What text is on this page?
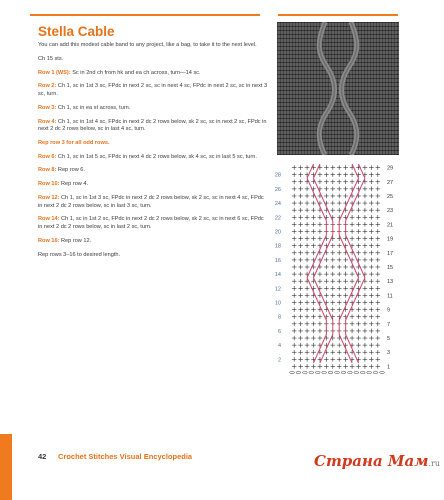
Stella Cable

You can add this modest cable band to any project, like a bag, to take it to the next level.

Ch 15 sts.

Row 1 (WS): Sc in 2nd ch from hk and ea ch across, turn—14 sc.

Row 2: Ch 1, sc in 1st 3 sc, FPdc in next 2 sc, sc in next 4 sc, FPdc in next 2 sc, sc in next 3 sc, turn.

Row 3: Ch 1, sc in ea st across, turn.

Row 4: Ch 1, sc in 1st 4 sc, FPdc in next 2 dc 2 rows below, sk 2 sc, sc in next 2 sc, FPdc in next 2 dc 2 rows below, sc in last 4 sc, turn.

Rep row 3 for all odd rows.

Row 6: Ch 1, sc in 1st 5 sc, FPdc in next 4 dc 2 rows below, sk 4 sc, sc in last 5 sc, turn.

Row 8: Rep row 6.

Row 10: Rep row 4.

Row 12: Ch 1, sc in 1st 3 sc, FPdc in next 2 dc 2 rows below, sk 2 sc, sc in next 4 sc, FPdc in next 2 dc 2 rows below, sc in last 3 sc, turn.

Row 14: Ch 1, sc in 1st 2 sc, FPdc in next 2 dc 2 rows below, sk 2 sc, sc in next 6 sc, FPdc in next 2 dc 2 rows below, sc in last 2 sc, turn.

Row 16: Rep row 12.

Rep rows 3–16 to desired length.

28
26
24
22
20
18
16
14
12
10
8
6
4
2
29
27
25
23
21
19
17
15
13
11
9
7
5
3
1
42 Crochet Stitches Visual Encyclopedia	Страна Мам.ru
